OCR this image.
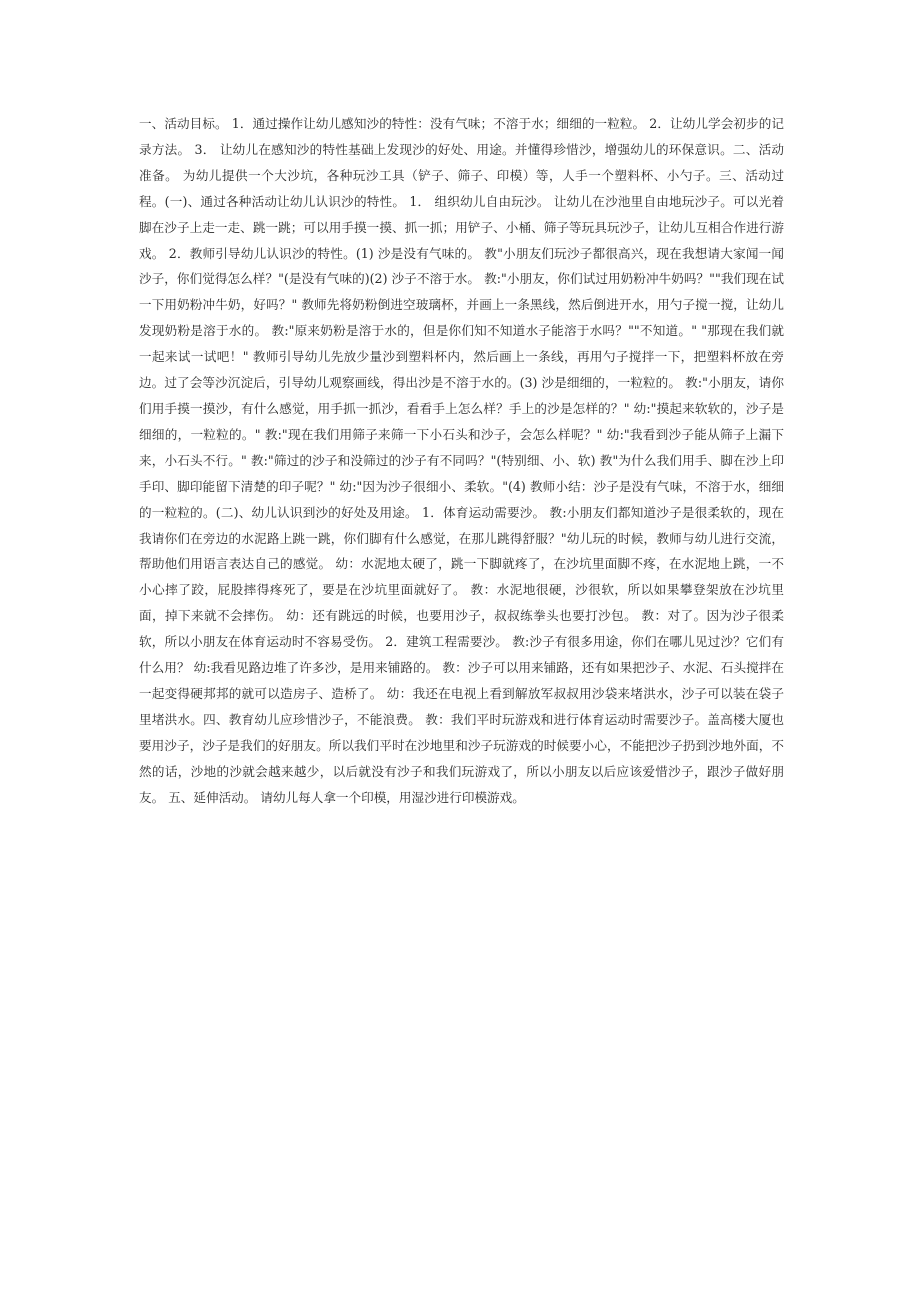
一、活动目标。 1．通过操作让幼儿感知沙的特性：没有气味；不溶于水；细细的一粒粒。 2．让幼儿学会初步的记录方法。 3． 让幼儿在感知沙的特性基础上发现沙的好处、用途。并懂得珍惜沙，增强幼儿的环保意识。二、活动准备。 为幼儿提供一个大沙坑，各种玩沙工具（铲子、筛子、印模）等，人手一个塑料杯、小勺子。三、活动过程。(一)、通过各种活动让幼儿认识沙的特性。 1． 组织幼儿自由玩沙。 让幼儿在沙池里自由地玩沙子。可以光着脚在沙子上走一走、跳一跳；可以用手摸一摸、抓一抓；用铲子、小桶、筛子等玩具玩沙子，让幼儿互相合作进行游戏。 2．教师引导幼儿认识沙的特性。(1) 沙是没有气味的。 教"小朋友们玩沙子都很高兴，现在我想请大家闻一闻沙子，你们觉得怎么样？"(是没有气味的)(2) 沙子不溶于水。 教:"小朋友，你们试过用奶粉冲牛奶吗？""我们现在试一下用奶粉冲牛奶，好吗？" 教师先将奶粉倒进空玻璃杯，并画上一条黑线，然后倒进开水，用勺子搅一搅，让幼儿发现奶粉是溶于水的。 教:"原来奶粉是溶于水的，但是你们知不知道水子能溶于水吗？""不知道。" "那现在我们就一起来试一试吧！" 教师引导幼儿先放少量沙到塑料杯内，然后画上一条线，再用勺子搅拌一下，把塑料杯放在旁边。过了会等沙沉淀后，引导幼儿观察画线，得出沙是不溶于水的。(3) 沙是细细的，一粒粒的。 教:"小朋友，请你们用手摸一摸沙，有什么感觉，用手抓一抓沙，看看手上怎么样？手上的沙是怎样的？" 幼:"摸起来软软的，沙子是细细的，一粒粒的。" 教:"现在我们用筛子来筛一下小石头和沙子，会怎么样呢？" 幼:"我看到沙子能从筛子上漏下来，小石头不行。" 教:"筛过的沙子和没筛过的沙子有不同吗？"(特别细、小、软) 教"为什么我们用手、脚在沙上印手印、脚印能留下清楚的印子呢？" 幼:"因为沙子很细小、柔软。"(4) 教师小结：沙子是没有气味，不溶于水，细细的一粒粒的。(二)、幼儿认识到沙的好处及用途。 1．体育运动需要沙。 教:小朋友们都知道沙子是很柔软的，现在我请你们在旁边的水泥路上跳一跳，你们脚有什么感觉，在那儿跳得舒服？"幼儿玩的时候，教师与幼儿进行交流，帮助他们用语言表达自己的感觉。 幼：水泥地太硬了，跳一下脚就疼了，在沙坑里面脚不疼，在水泥地上跳，一不小心摔了跤，屁股摔得疼死了，要是在沙坑里面就好了。 教：水泥地很硬，沙很软，所以如果攀登架放在沙坑里面，掉下来就不会摔伤。 幼：还有跳远的时候，也要用沙子，叔叔练拳头也要打沙包。 教：对了。因为沙子很柔软，所以小朋友在体育运动时不容易受伤。 2．建筑工程需要沙。 教:沙子有很多用途，你们在哪儿见过沙？它们有什么用？ 幼:我看见路边堆了许多沙，是用来铺路的。 教：沙子可以用来铺路，还有如果把沙子、水泥、石头搅拌在一起变得硬邦邦的就可以造房子、造桥了。 幼：我还在电视上看到解放军叔叔用沙袋来堵洪水，沙子可以装在袋子里堵洪水。四、教育幼儿应珍惜沙子，不能浪费。 教：我们平时玩游戏和进行体育运动时需要沙子。盖高楼大厦也要用沙子，沙子是我们的好朋友。所以我们平时在沙地里和沙子玩游戏的时候要小心，不能把沙子扔到沙地外面，不然的话，沙地的沙就会越来越少，以后就没有沙子和我们玩游戏了，所以小朋友以后应该爱惜沙子，跟沙子做好朋友。 五、延伸活动。 请幼儿每人拿一个印模，用湿沙进行印模游戏。
